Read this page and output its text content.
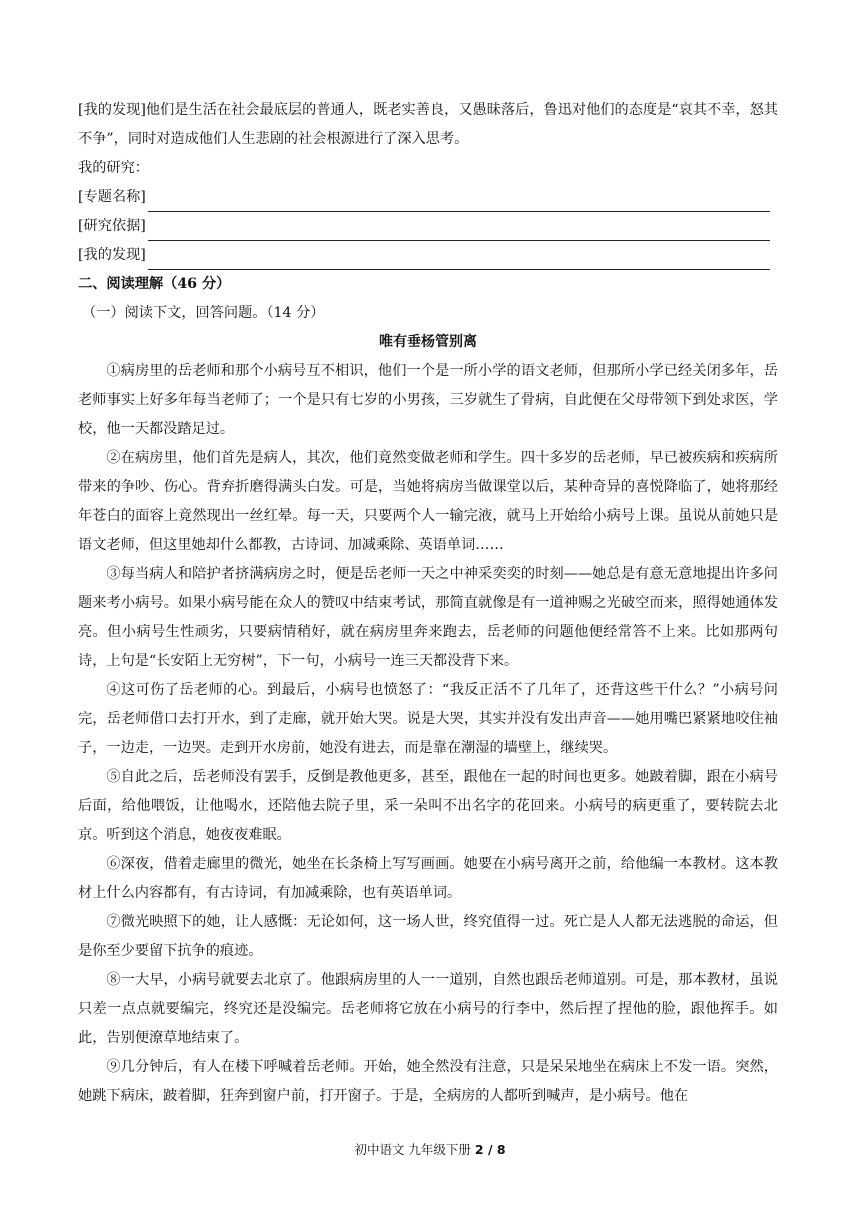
[我的发现]他们是生活在社会最底层的普通人，既老实善良，又愚昧落后，鲁迅对他们的态度是“哀其不幸，怒其不争”，同时对造成他们人生悲剧的社会根源进行了深入思考。
我的研究：
[专题名称]
[研究依据]
[我的发现]
二、阅读理解（46 分）
（一）阅读下文，回答问题。（14 分）
唯有垂杨管别离
①病房里的岳老师和那个小病号互不相识，他们一个是一所小学的语文老师，但那所小学已经关闭多年，岳老师事实上好多年每当老师了；一个是只有七岁的小男孩，三岁就生了骨病，自此便在父母带领下到处求医，学校，他一天都没踏足过。
②在病房里，他们首先是病人，其次，他们竟然变做老师和学生。四十多岁的岳老师，早已被疾病和疾病所带来的争吵、伤心。背弃折磨得满头白发。可是，当她将病房当做课堂以后，某种奇异的喜悦降临了，她将那经年苍白的面容上竟然现出一丝红晕。每一天，只要两个人一输完液，就马上开始给小病号上课。虽说从前她只是语文老师，但这里她却什么都教，古诗词、加减乘除、英语单词……
③每当病人和陪护者挤满病房之时，便是岳老师一天之中神采奕奕的时刻——她总是有意无意地提出许多问题来考小病号。如果小病号能在众人的赞叹中结束考试，那简直就像是有一道神赐之光破空而来，照得她通体发亮。但小病号生性顽劣，只要病情稍好，就在病房里奔来跑去，岳老师的问题他便经常答不上来。比如那两句诗，上句是“长安陌上无穷树”，下一句，小病号一连三天都没背下来。
④这可伤了岳老师的心。到最后，小病号也愤怒了：“我反正活不了几年了，还背这些干什么？”小病号问完，岳老师借口去打开水，到了走廊，就开始大哭。说是大哭，其实并没有发出声音——她用嘴巴紧紧地咬住袖子，一边走，一边哭。走到开水房前，她没有进去，而是靠在潮湿的墙壁上，继续哭。
⑤自此之后，岳老师没有罢手，反倒是教他更多，甚至，跟他在一起的时间也更多。她跛着脚，跟在小病号后面，给他喂饭，让他喝水，还陪他去院子里，采一朵叫不出名字的花回来。小病号的病更重了，要转院去北京。听到这个消息，她夜夜难眠。
⑥深夜，借着走廊里的微光，她坐在长条椅上写写画画。她要在小病号离开之前，给他编一本教材。这本教材上什么内容都有，有古诗词，有加减乘除，也有英语单词。
⑦微光映照下的她，让人感慨：无论如何，这一场人世，终究值得一过。死亡是人人都无法逃脱的命运，但是你至少要留下抗争的痕迹。
⑧一大早，小病号就要去北京了。他跟病房里的人一一道别，自然也跟岳老师道别。可是，那本教材，虽说只差一点点就要编完，终究还是没编完。岳老师将它放在小病号的行李中，然后捏了捏他的脸，跟他挥手。如此，告别便潦草地结束了。
⑨几分钟后，有人在楼下呼喊着岳老师。开始，她全然没有注意，只是呆呆地坐在病床上不发一语。突然，她跳下病床，跛着脚，狂奔到窗户前，打开窗子。于是，全病房的人都听到喊声，是小病号。他在
初中语文 九年级下册 2 / 8
